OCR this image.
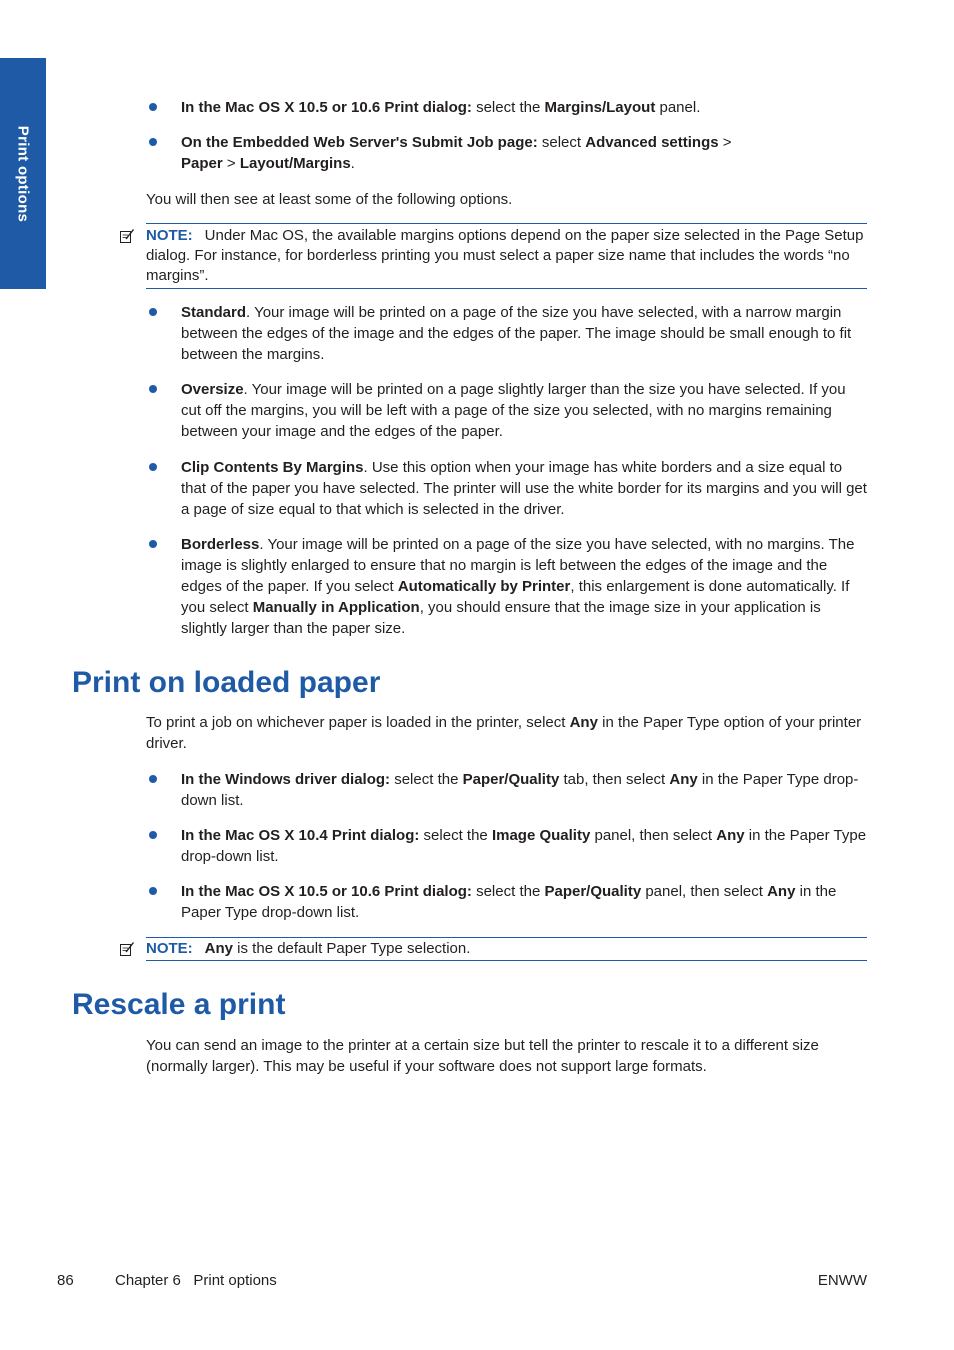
Print options
In the Mac OS X 10.5 or 10.6 Print dialog: select the Margins/Layout panel.
On the Embedded Web Server's Submit Job page: select Advanced settings >
Paper > Layout/Margins.

You will then see at least some of the following options.

NOTE: Under Mac OS, the available margins options depend on the paper size selected in the Page Setup dialog. For instance, for borderless printing you must select a paper size name that includes the words “no margins”.
Standard. Your image will be printed on a page of the size you have selected, with a narrow margin between the edges of the image and the edges of the paper. The image should be small enough to fit between the margins.
Oversize. Your image will be printed on a page slightly larger than the size you have selected. If you cut off the margins, you will be left with a page of the size you selected, with no margins remaining between your image and the edges of the paper.
Clip Contents By Margins. Use this option when your image has white borders and a size equal to that of the paper you have selected. The printer will use the white border for its margins and you will get a page of size equal to that which is selected in the driver.
Borderless. Your image will be printed on a page of the size you have selected, with no margins. The image is slightly enlarged to ensure that no margin is left between the edges of the image and the edges of the paper. If you select Automatically by Printer, this enlargement is done automatically. If you select Manually in Application, you should ensure that the image size in your application is slightly larger than the paper size.
Print on loaded paper

To print a job on whichever paper is loaded in the printer, select Any in the Paper Type option of your printer driver.

In the Windows driver dialog: select the Paper/Quality tab, then select Any in the Paper Type drop-down list.
In the Mac OS X 10.4 Print dialog: select the Image Quality panel, then select Any in the Paper Type drop-down list.
In the Mac OS X 10.5 or 10.6 Print dialog: select the Paper/Quality panel, then select Any in the Paper Type drop-down list.
NOTE: Any is the default Paper Type selection.
Rescale a print

You can send an image to the printer at a certain size but tell the printer to rescale it to a different size (normally larger). This may be useful if your software does not support large formats.

86	Chapter 6   Print options	ENWW
